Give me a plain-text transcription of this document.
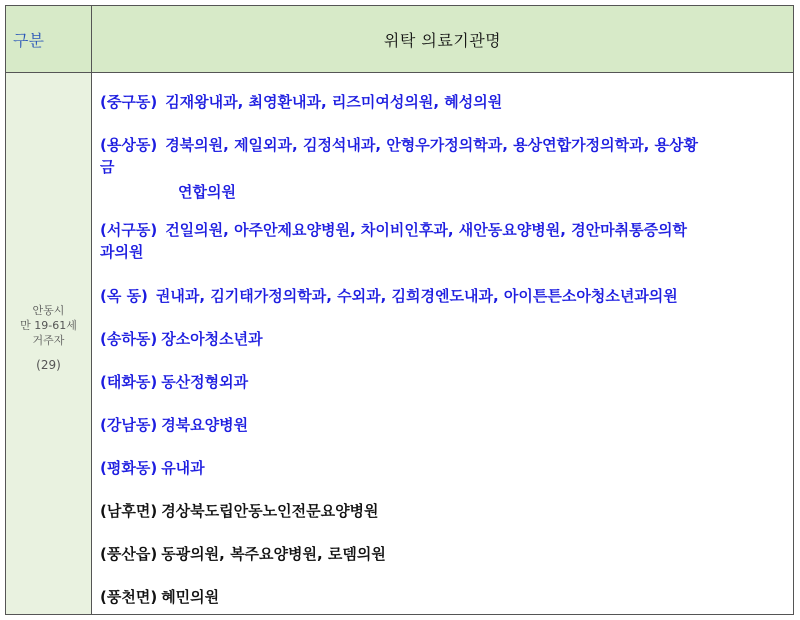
구분	위탁 의료기관명
안동시
만 19-61세
거주자
(29)
(중구동) 김재왕내과, 최영환내과, 리즈미여성의원, 혜성의원
(용상동) 경북의원, 제일외과, 김정석내과, 안형우가정의학과, 용상연합가정의학과, 용상황
금
연합의원
(서구동) 건일의원, 아주안제요양병원, 차이비인후과, 새안동요양병원, 경안마취통증의학
과의원
(옥 동) 권내과, 김기태가정의학과, 수외과, 김희경엔도내과, 아이튼튼소아청소년과의원
(송하동) 장소아청소년과
(태화동) 동산정형외과
(강남동) 경북요양병원
(평화동) 유내과
(남후면) 경상북도립안동노인전문요양병원
(풍산읍) 동광의원, 복주요양병원, 로뎀의원
(풍천면) 혜민의원
